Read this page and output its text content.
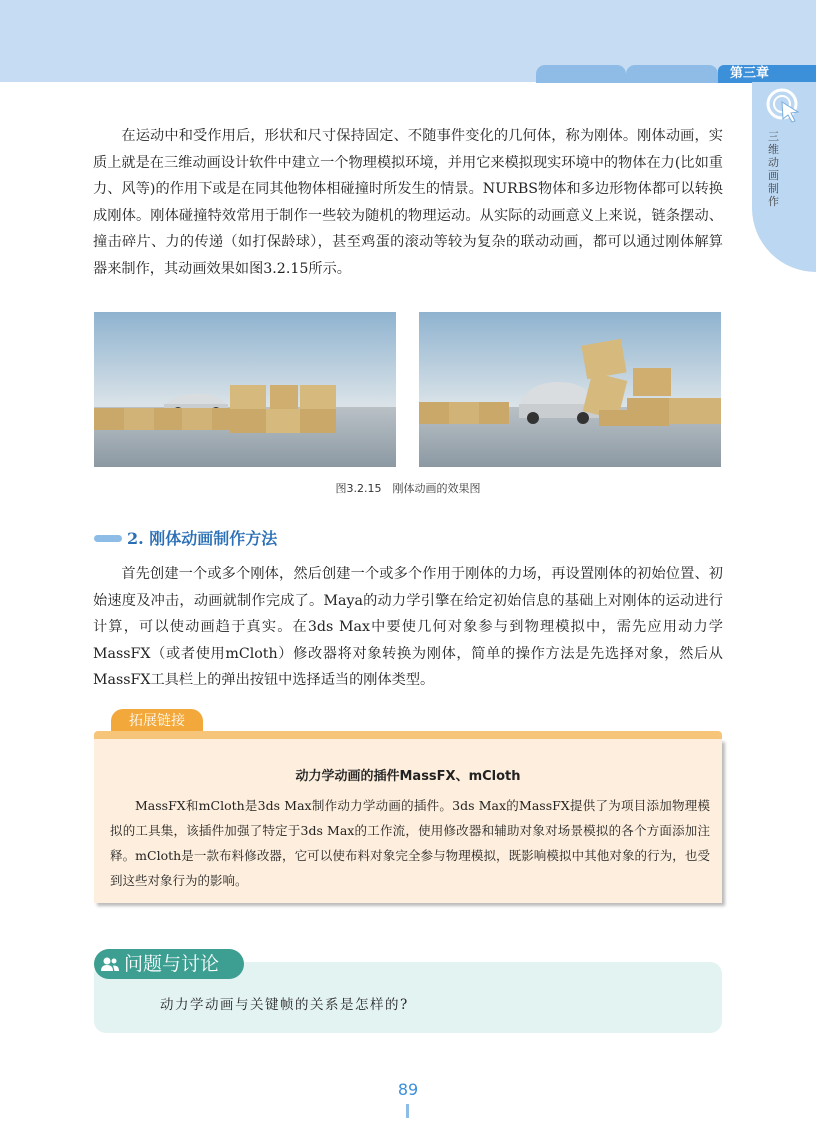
第三章
三维动画制作

在运动中和受作用后，形状和尺寸保持固定、不随事件变化的几何体，称为刚体。刚体动画，实质上就是在三维动画设计软件中建立一个物理模拟环境，并用它来模拟现实环境中的物体在力(比如重力、风等)的作用下或是在同其他物体相碰撞时所发生的情景。NURBS物体和多边形物体都可以转换成刚体。刚体碰撞特效常用于制作一些较为随机的物理运动。从实际的动画意义上来说，链条摆动、撞击碎片、力的传递（如打保龄球），甚至鸡蛋的滚动等较为复杂的联动动画，都可以通过刚体解算器来制作，其动画效果如图3.2.15所示。

图3.2.15　刚体动画的效果图
2. 刚体动画制作方法

首先创建一个或多个刚体，然后创建一个或多个作用于刚体的力场，再设置刚体的初始位置、初始速度及冲击，动画就制作完成了。Maya的动力学引擎在给定初始信息的基础上对刚体的运动进行计算，可以使动画趋于真实。在3ds Max中要使几何对象参与到物理模拟中，需先应用动力学MassFX（或者使用mCloth）修改器将对象转换为刚体，简单的操作方法是先选择对象，然后从MassFX工具栏上的弹出按钮中选择适当的刚体类型。

拓展链接
动力学动画的插件MassFX、mCloth

MassFX和mCloth是3ds Max制作动力学动画的插件。3ds Max的MassFX提供了为项目添加物理模拟的工具集，该插件加强了特定于3ds Max的工作流，使用修改器和辅助对象对场景模拟的各个方面添加注释。mCloth是一款布料修改器，它可以使布料对象完全参与物理模拟，既影响模拟中其他对象的行为，也受到这些对象行为的影响。

问题与讨论
动力学动画与关键帧的关系是怎样的?
89
